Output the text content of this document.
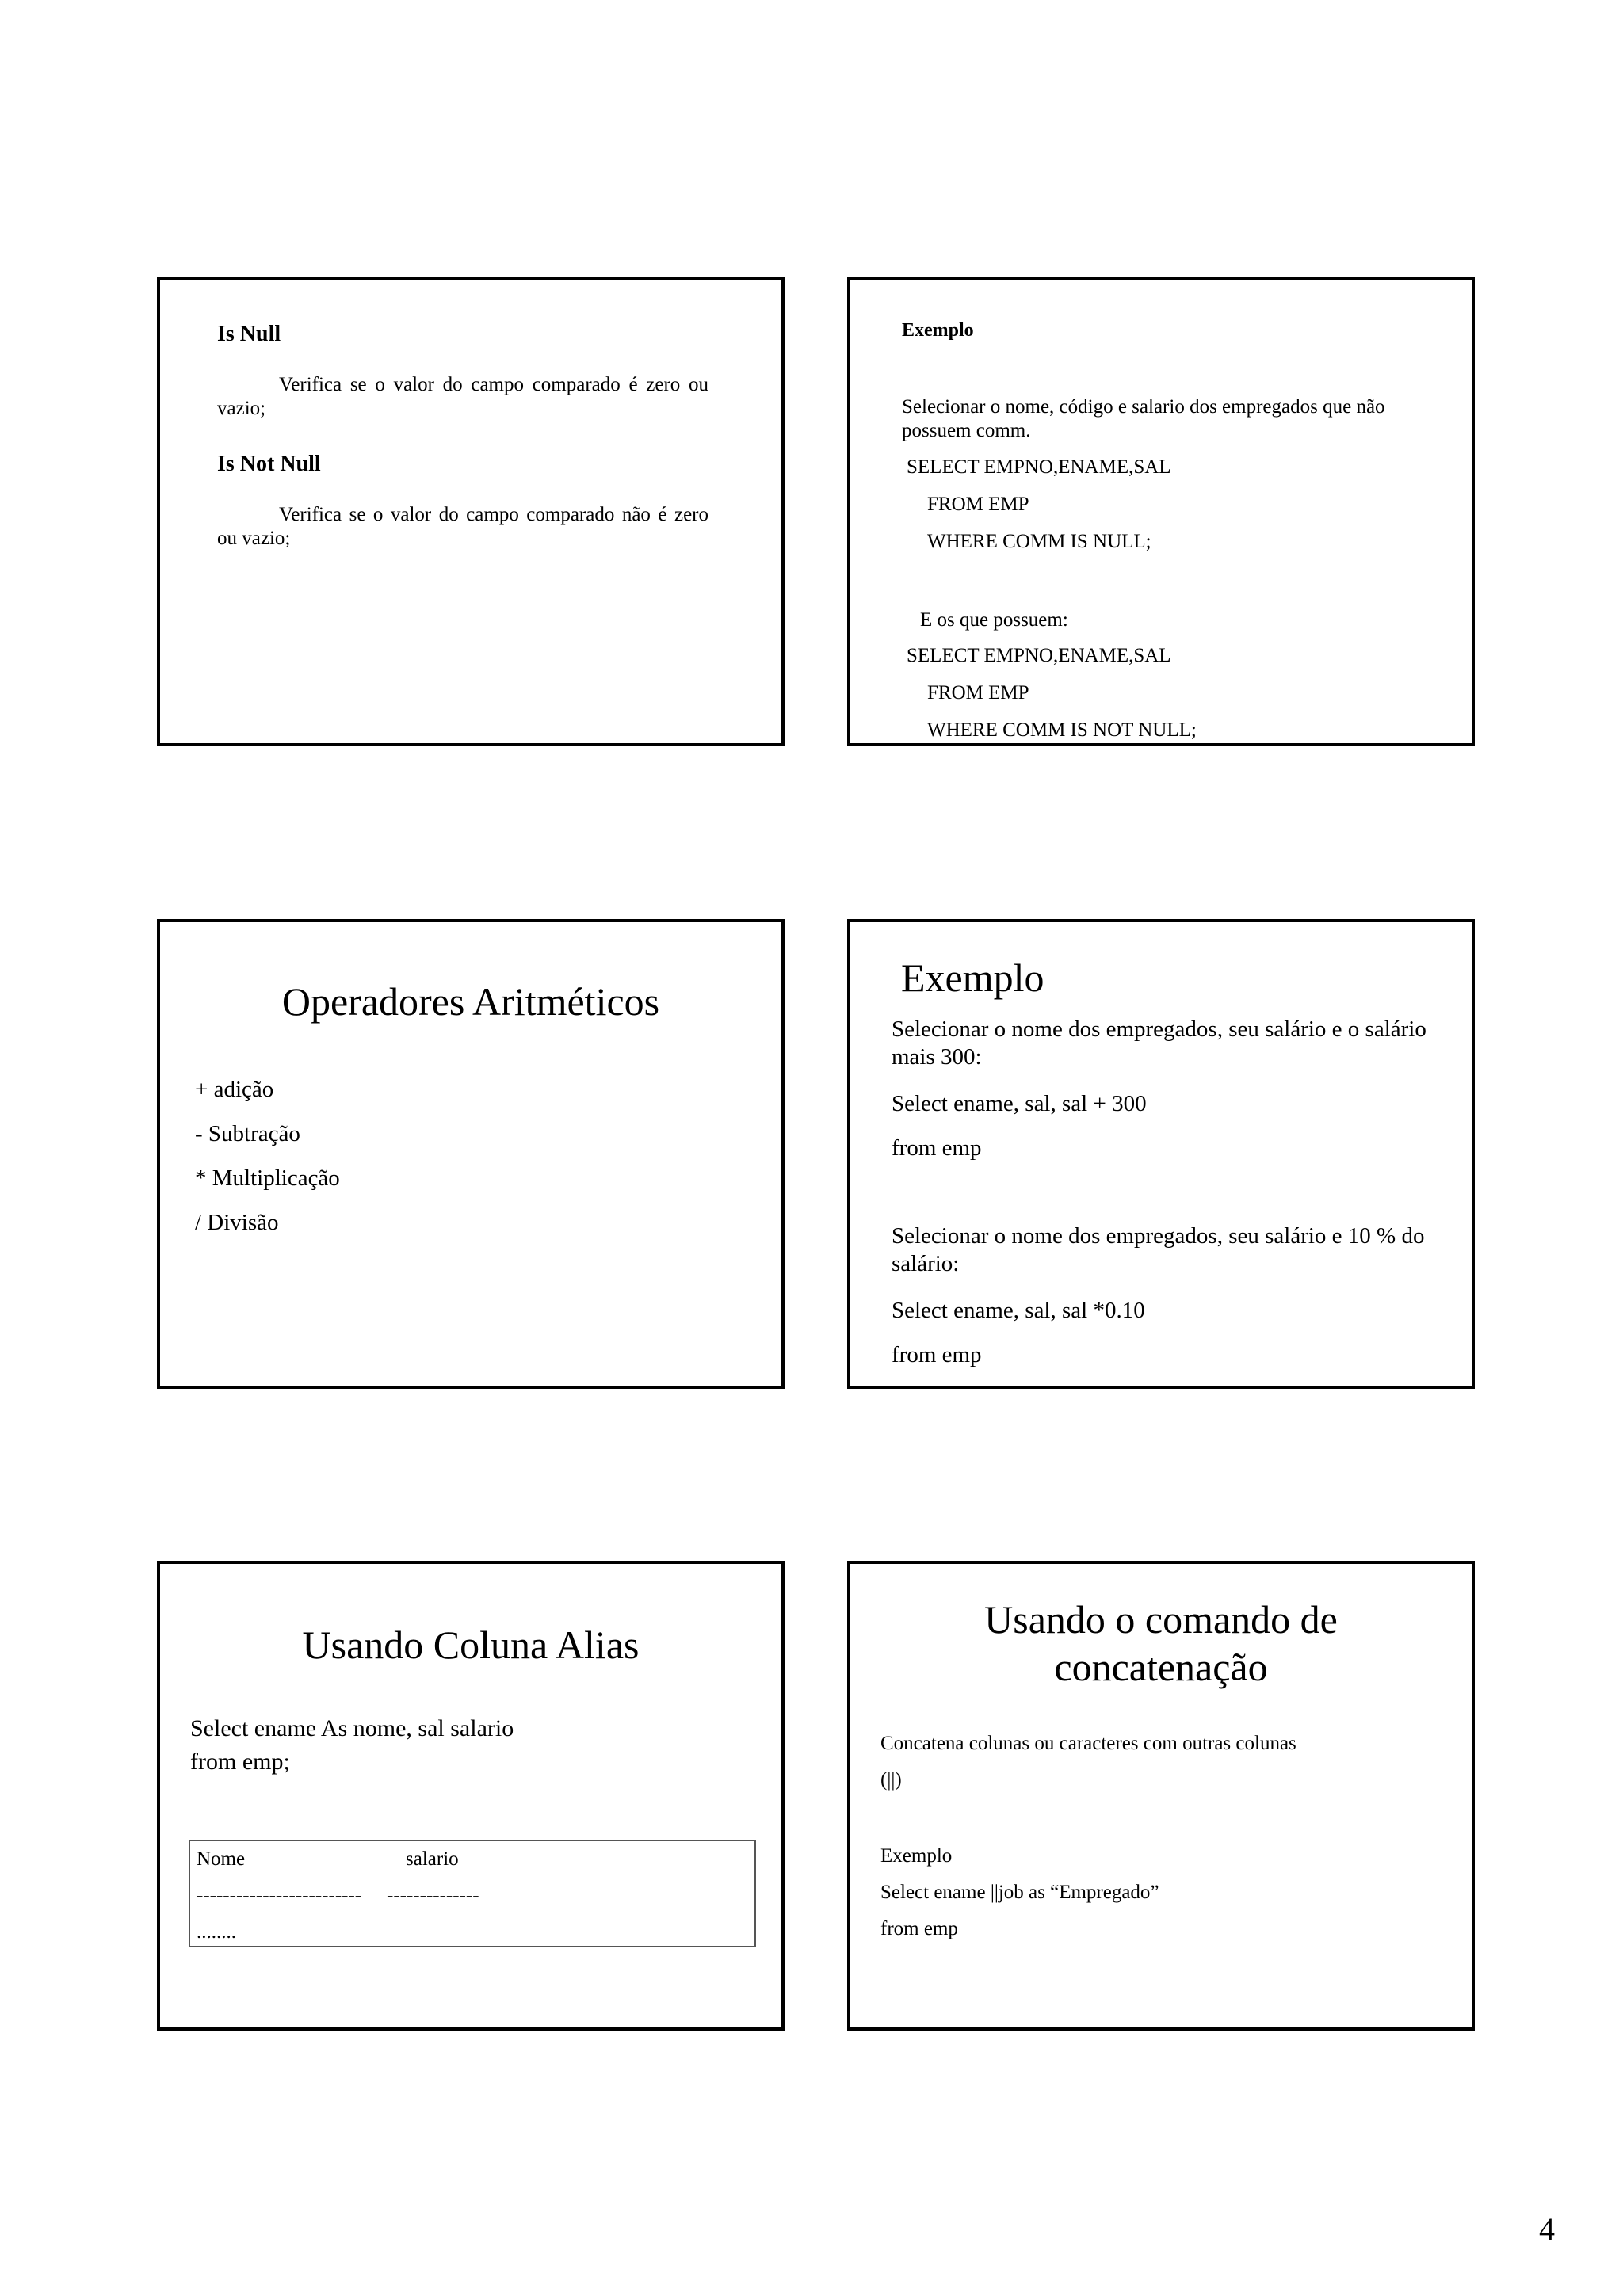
Is Null
Verifica se o valor do campo comparado é zero ou vazio;
Is Not Null
Verifica se o valor do campo comparado não é zero ou vazio;
Exemplo
Selecionar o nome, código e salario dos empregados que não
possuem comm.
SELECT EMPNO,ENAME,SAL
FROM EMP
WHERE COMM IS NULL;
E os que possuem:
SELECT EMPNO,ENAME,SAL
FROM EMP
WHERE COMM IS NOT NULL;
Operadores Aritméticos
+ adição
- Subtração
* Multiplicação
/ Divisão
Exemplo
Selecionar o nome dos empregados, seu salário e o salário mais 300:
Select ename, sal, sal + 300
from emp
Selecionar o nome dos empregados, seu salário e 10 % do salário:
Select ename, sal, sal *0.10
from emp
Usando Coluna Alias
Select ename As nome, sal salario
from emp;
Nome	salario
------------------------- --------------
........
Usando o comando de
concatenação
Concatena colunas ou caracteres com outras colunas
(||)
Exemplo
Select ename ||job as “Empregado”
from emp
4
